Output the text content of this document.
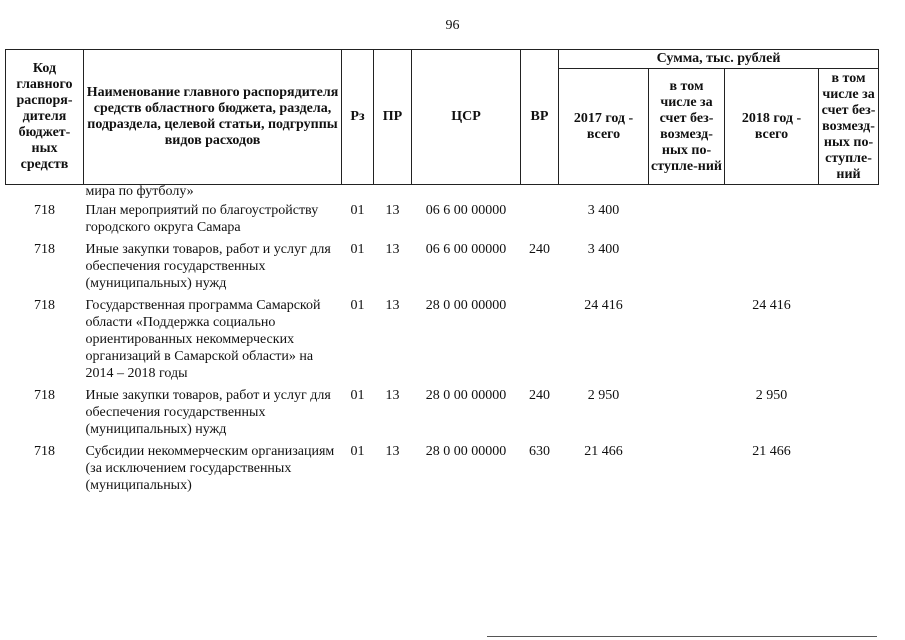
96
Код главного распоря-дителя бюджет-ных средств	Наименование главного распорядителя средств областного бюджета, раздела, подраздела, целевой статьи, подгруппы видов расходов	Рз	ПР	ЦСР	ВР	Сумма, тыс. рублей			
						2017 год - всего	в том числе за счет без-возмезд-ных по-ступле-ний	2018 год - всего	в том числе за счет без-возмезд-ных по-ступле-ний
	мира по футболу»								
718	План мероприятий по благоустройству городского округа Самара	01	13	06 6 00 00000		3 400			
718	Иные закупки товаров, работ и услуг для обеспечения государственных (муниципальных) нужд	01	13	06 6 00 00000	240	3 400			
718	Государственная программа Самарской области «Поддержка социально ориентированных некоммерческих организаций в Самарской области» на 2014 – 2018 годы	01	13	28 0 00 00000		24 416		24 416	
718	Иные закупки товаров, работ и услуг для обеспечения государственных (муниципальных) нужд	01	13	28 0 00 00000	240	2 950		2 950	
718	Субсидии некоммерческим организациям (за исключением государственных (муниципальных)	01	13	28 0 00 00000	630	21 466		21 466	
